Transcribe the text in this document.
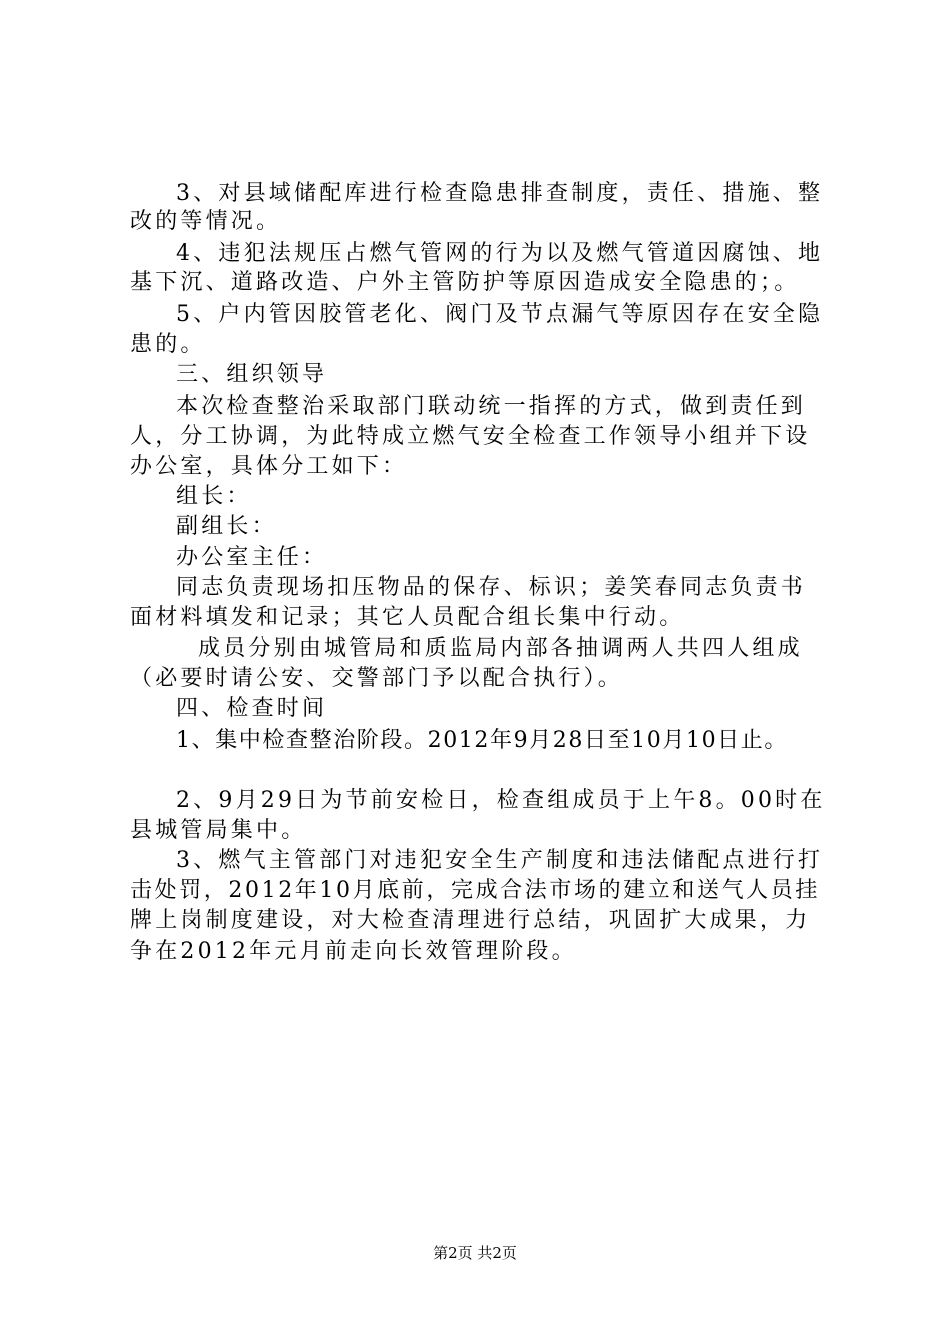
3、对县域储配库进行检查隐患排查制度，责任、措施、整
改的等情况。
4、违犯法规压占燃气管网的行为以及燃气管道因腐蚀、地
基下沉、道路改造、户外主管防护等原因造成安全隐患的；。
5、户内管因胶管老化、阀门及节点漏气等原因存在安全隐
患的。
三、组织领导
本次检查整治采取部门联动统一指挥的方式，做到责任到
人，分工协调，为此特成立燃气安全检查工作领导小组并下设
办公室，具体分工如下：
组长：
副组长：
办公室主任：
同志负责现场扣压物品的保存、标识；姜笑春同志负责书
面材料填发和记录；其它人员配合组长集中行动。
成员分别由城管局和质监局内部各抽调两人共四人组成
（必要时请公安、交警部门予以配合执行）。
四、检查时间
1、集中检查整治阶段。2012年9月28日至10月10日止。
2、9月29日为节前安检日，检查组成员于上午8。00时在
县城管局集中。
3、燃气主管部门对违犯安全生产制度和违法储配点进行打
击处罚，2012年10月底前，完成合法市场的建立和送气人员挂
牌上岗制度建设，对大检查清理进行总结，巩固扩大成果，力
争在2012年元月前走向长效管理阶段。
第2页 共2页
